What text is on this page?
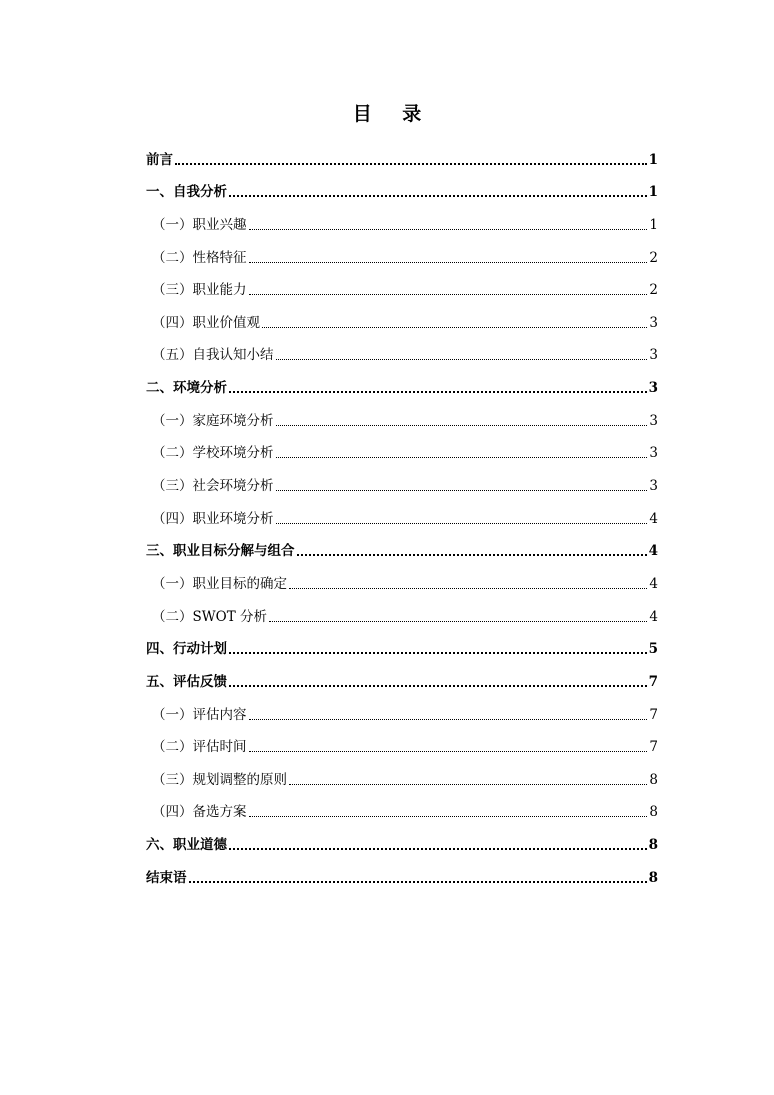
目 录
前言	1
一、自我分析	1
（一）职业兴趣	1
（二）性格特征	2
（三）职业能力	2
（四）职业价值观	3
（五）自我认知小结	3
二、环境分析	3
（一）家庭环境分析	3
（二）学校环境分析	3
（三）社会环境分析	3
（四）职业环境分析	4
三、职业目标分解与组合	4
（一）职业目标的确定	4
（二）SWOT 分析	4
四、行动计划	5
五、评估反馈	7
（一）评估内容	7
（二）评估时间	7
（三）规划调整的原则	8
（四）备选方案	8
六、职业道德	8
结束语	8
